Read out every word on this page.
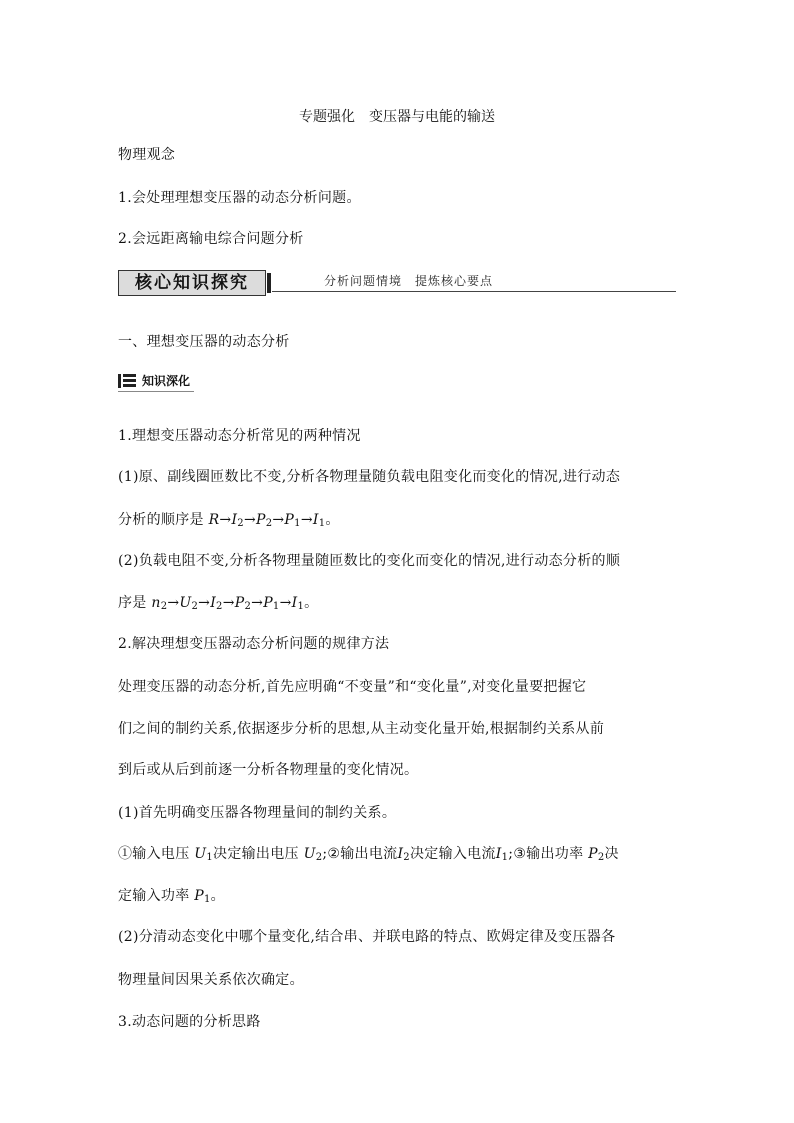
专题强化　变压器与电能的输送
物理观念
1.会处理理想变压器的动态分析问题。
2.会远距离输电综合问题分析
核心知识探究	分析问题情境　提炼核心要点
一、理想变压器的动态分析
知识深化
1.理想变压器动态分析常见的两种情况
(1)原、副线圈匝数比不变,分析各物理量随负载电阻变化而变化的情况,进行动态
分析的顺序是 $R\to I_2\to P_2\to P_1\to I_1$。
(2)负载电阻不变,分析各物理量随匝数比的变化而变化的情况,进行动态分析的顺
序是 $n_2\to U_2\to I_2\to P_2\to P_1\to I_1$。
2.解决理想变压器动态分析问题的规律方法
处理变压器的动态分析,首先应明确“不变量”和“变化量”,对变化量要把握它
们之间的制约关系,依据逐步分析的思想,从主动变化量开始,根据制约关系从前
到后或从后到前逐一分析各物理量的变化情况。
(1)首先明确变压器各物理量间的制约关系。
①输入电压 $U_1$决定输出电压 $U_2;②$输出电流$I_2$决定输入电流$I_1;③$输出功率 $P_2$决
定输入功率 $P_1$。
(2)分清动态变化中哪个量变化,结合串、并联电路的特点、欧姆定律及变压器各
物理量间因果关系依次确定。
3.动态问题的分析思路
